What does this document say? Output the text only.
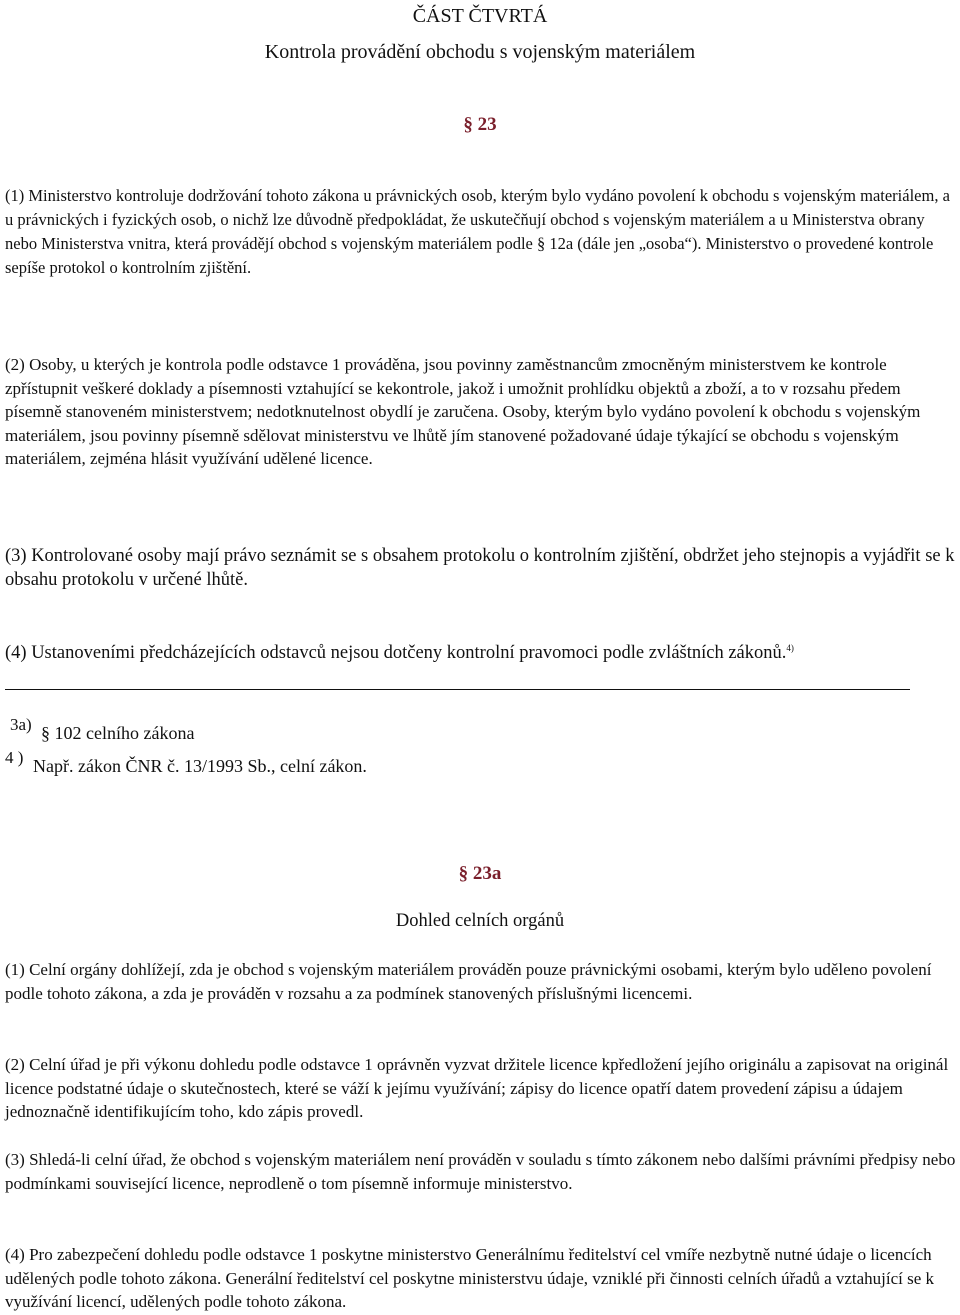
ČÁST ČTVRTÁ
Kontrola provádění obchodu s vojenským materiálem
§ 23

(1) Ministerstvo kontroluje dodržování tohoto zákona u právnických osob, kterým bylo vydáno povolení k obchodu s vojenským materiálem, a u právnických i fyzických osob, o nichž lze důvodně předpokládat, že uskutečňují obchod s vojenským materiálem a u Ministerstva obrany nebo Ministerstva vnitra, která provádějí obchod s vojenským materiálem podle § 12a (dále jen „osoba“). Ministerstvo o provedené kontrole sepíše protokol o kontrolním zjištění.

(2) Osoby, u kterých je kontrola podle odstavce 1 prováděna, jsou povinny zaměstnancům zmocněným ministerstvem ke kontrole zpřístupnit veškeré doklady a písemnosti vztahující se kekontrole, jakož i umožnit prohlídku objektů a zboží, a to v rozsahu předem písemně stanoveném ministerstvem; nedotknutelnost obydlí je zaručena. Osoby, kterým bylo vydáno povolení k obchodu s vojenským materiálem, jsou povinny písemně sdělovat ministerstvu ve lhůtě jím stanovené požadované údaje týkající se obchodu s vojenským materiálem, zejména hlásit využívání udělené licence.

(3) Kontrolované osoby mají právo seznámit se s obsahem protokolu o kontrolním zjištění, obdržet jeho stejnopis a vyjádřit se k obsahu protokolu v určené lhůtě.

(4) Ustanoveními předcházejících odstavců nejsou dotčeny kontrolní pravomoci podle zvláštních zákonů.$^{4)}$

3a) § 102 celního zákona
4 ) Např. zákon ČNR č. 13/1993 Sb., celní zákon.
§ 23a
Dohled celních orgánů

(1) Celní orgány dohlížejí, zda je obchod s vojenským materiálem prováděn pouze právnickými osobami, kterým bylo uděleno povolení podle tohoto zákona, a zda je prováděn v rozsahu a za podmínek stanovených příslušnými licencemi.

(2) Celní úřad je při výkonu dohledu podle odstavce 1 oprávněn vyzvat držitele licence kpředložení jejího originálu a zapisovat na originál licence podstatné údaje o skutečnostech, které se váží k jejímu využívání; zápisy do licence opatří datem provedení zápisu a údajem jednoznačně identifikujícím toho, kdo zápis provedl.

(3) Shledá-li celní úřad, že obchod s vojenským materiálem není prováděn v souladu s tímto zákonem nebo dalšími právními předpisy nebo podmínkami související licence, neprodleně o tom písemně informuje ministerstvo.

(4) Pro zabezpečení dohledu podle odstavce 1 poskytne ministerstvo Generálnímu ředitelství cel vmíře nezbytně nutné údaje o licencích udělených podle tohoto zákona. Generální ředitelství cel poskytne ministerstvu údaje, vzniklé při činnosti celních úřadů a vztahující se k využívání licencí, udělených podle tohoto zákona.
